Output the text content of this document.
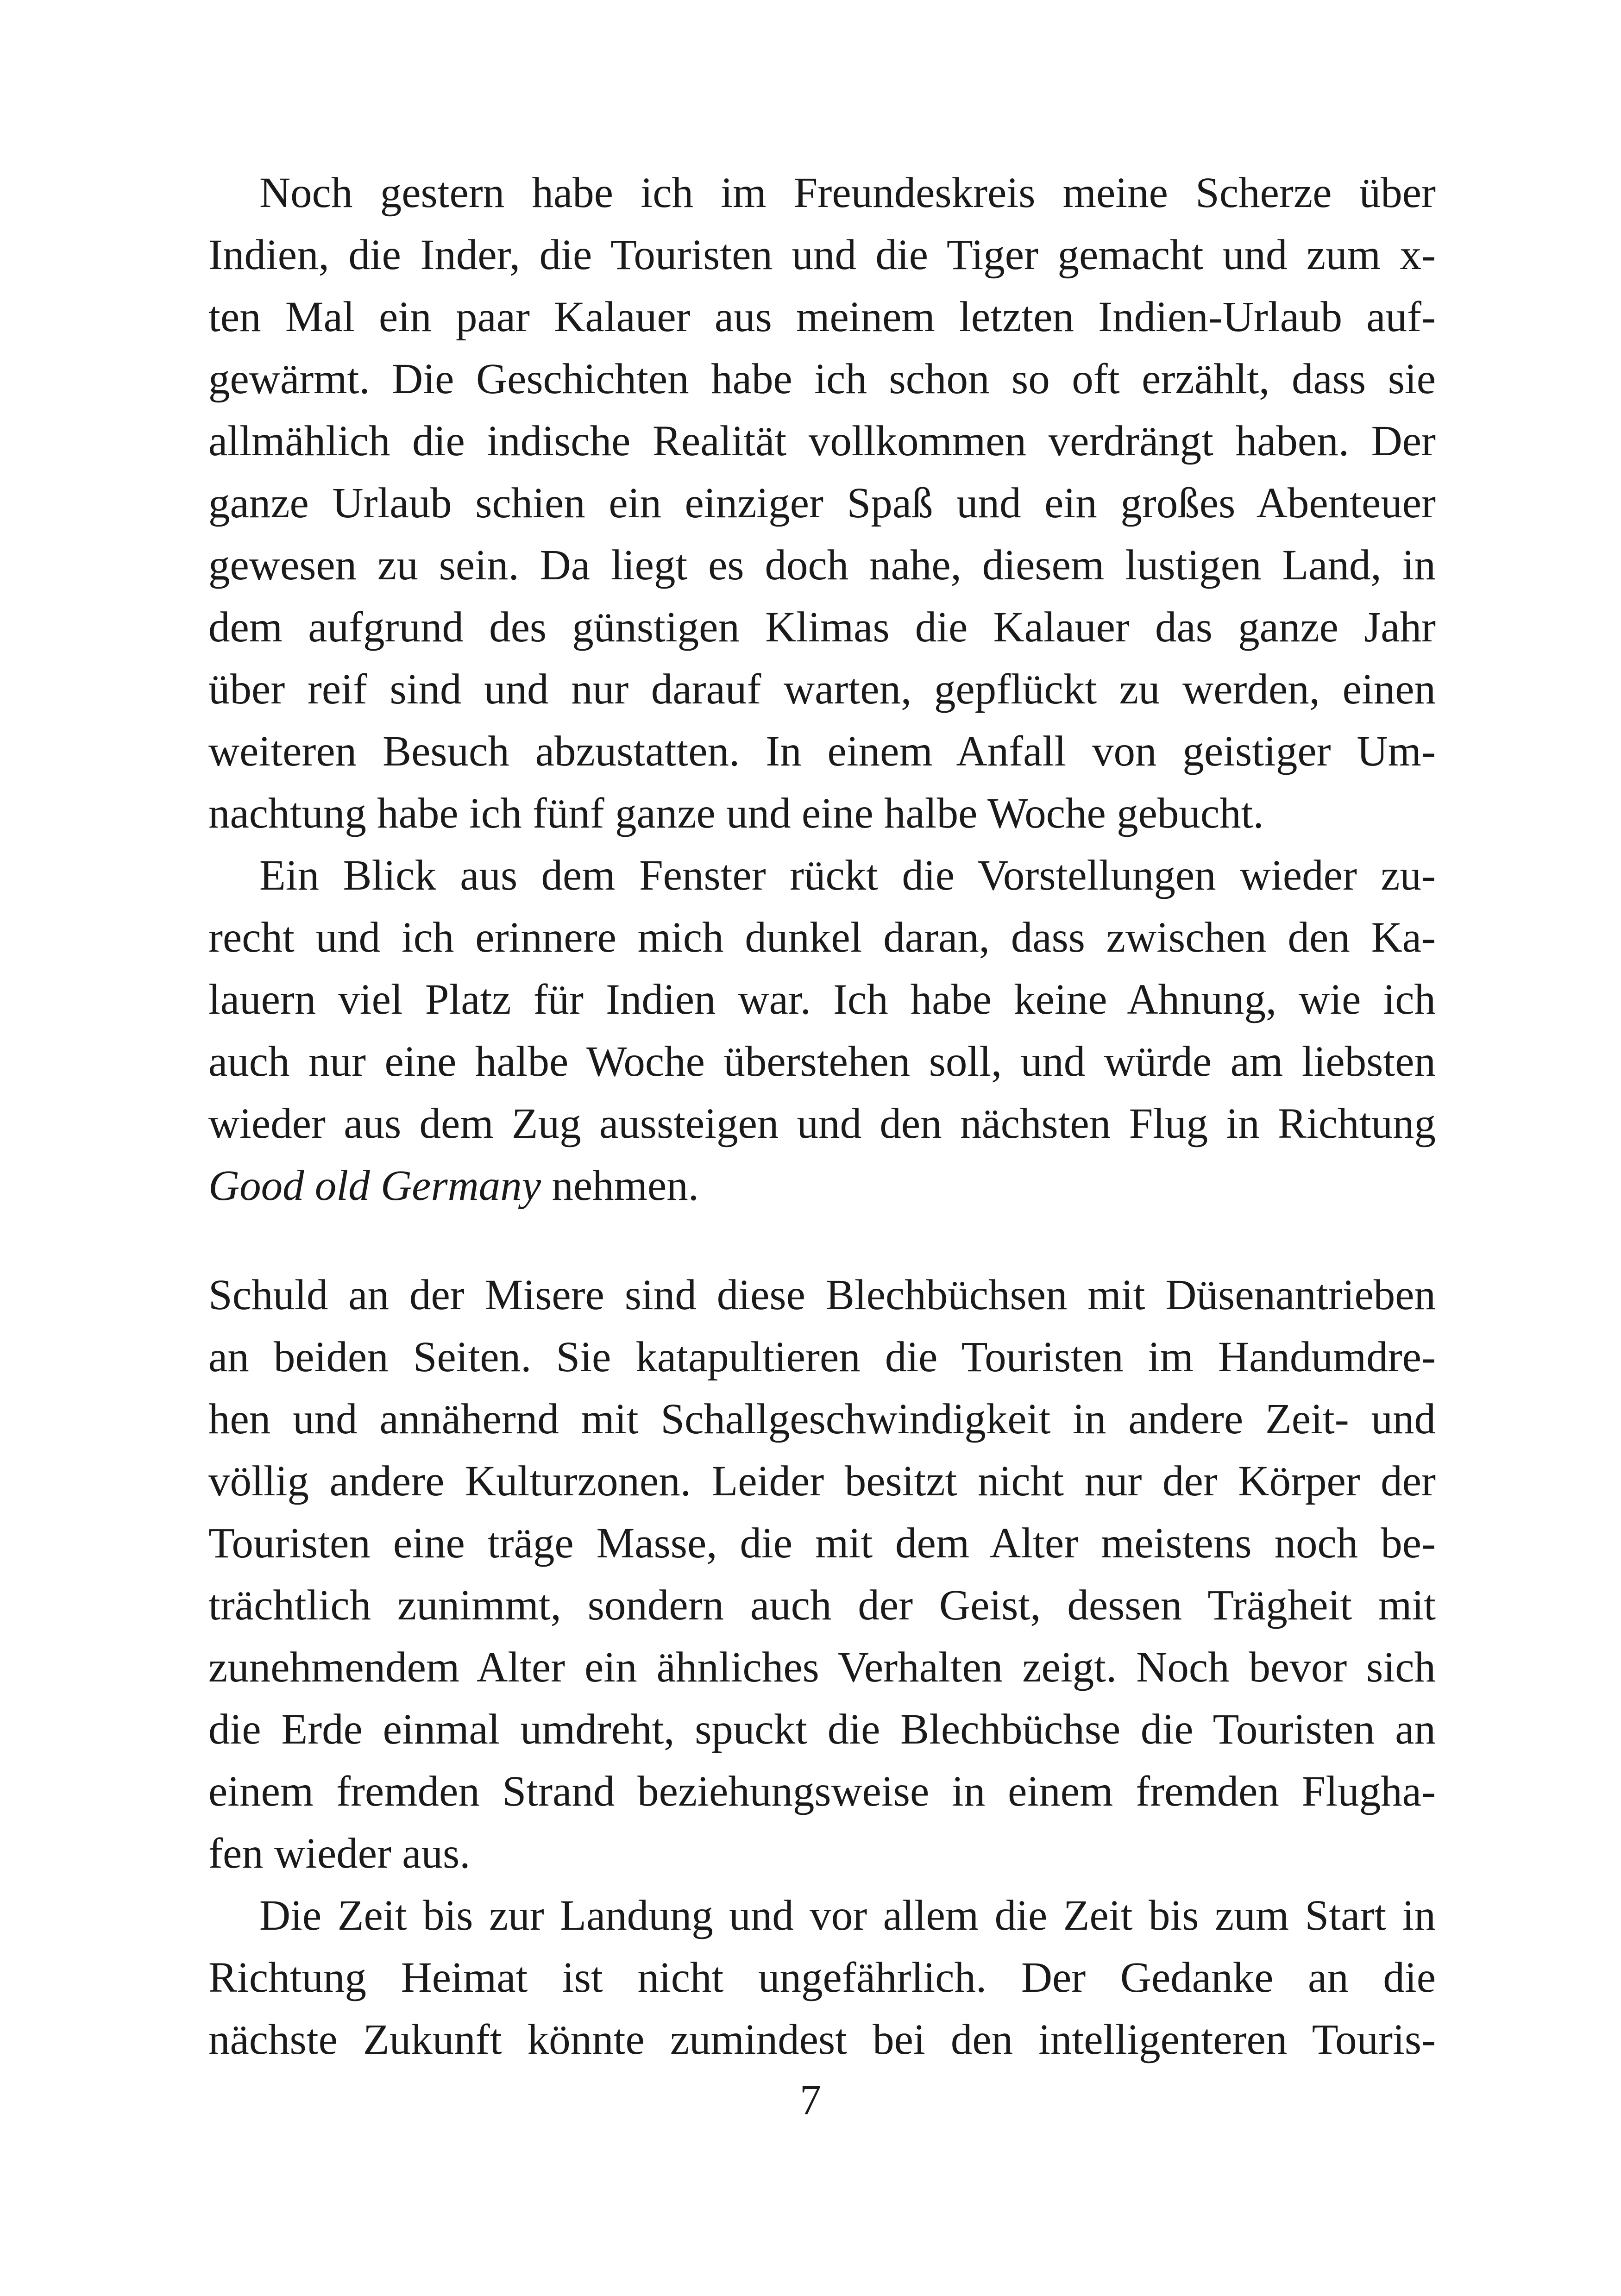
Noch gestern habe ich im Freundeskreis meine Scherze über
Indien, die Inder, die Touristen und die Tiger gemacht und zum x-
ten Mal ein paar Kalauer aus meinem letzten Indien-Urlaub auf-
gewärmt. Die Geschichten habe ich schon so oft erzählt, dass sie
allmählich die indische Realität vollkommen verdrängt haben. Der
ganze Urlaub schien ein einziger Spaß und ein großes Abenteuer
gewesen zu sein. Da liegt es doch nahe, diesem lustigen Land, in
dem aufgrund des günstigen Klimas die Kalauer das ganze Jahr
über reif sind und nur darauf warten, gepflückt zu werden, einen
weiteren Besuch abzustatten. In einem Anfall von geistiger Um-
nachtung habe ich fünf ganze und eine halbe Woche gebucht.
Ein Blick aus dem Fenster rückt die Vorstellungen wieder zu-
recht und ich erinnere mich dunkel daran, dass zwischen den Ka-
lauern viel Platz für Indien war. Ich habe keine Ahnung, wie ich
auch nur eine halbe Woche überstehen soll, und würde am liebsten
wieder aus dem Zug aussteigen und den nächsten Flug in Richtung
Good old Germany nehmen.
Schuld an der Misere sind diese Blechbüchsen mit Düsenantrieben
an beiden Seiten. Sie katapultieren die Touristen im Handumdre-
hen und annähernd mit Schallgeschwindigkeit in andere Zeit- und
völlig andere Kulturzonen. Leider besitzt nicht nur der Körper der
Touristen eine träge Masse, die mit dem Alter meistens noch be-
trächtlich zunimmt, sondern auch der Geist, dessen Trägheit mit
zunehmendem Alter ein ähnliches Verhalten zeigt. Noch bevor sich
die Erde einmal umdreht, spuckt die Blechbüchse die Touristen an
einem fremden Strand beziehungsweise in einem fremden Flugha-
fen wieder aus.
Die Zeit bis zur Landung und vor allem die Zeit bis zum Start in
Richtung Heimat ist nicht ungefährlich. Der Gedanke an die
nächste Zukunft könnte zumindest bei den intelligenteren Touris-
7
